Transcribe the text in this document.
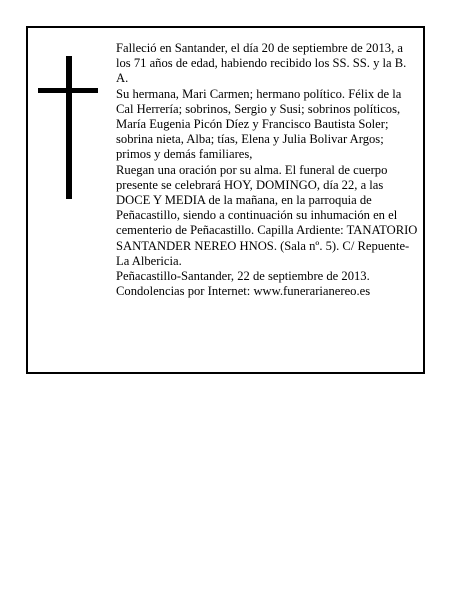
Falleció en Santander, el día 20 de septiembre de 2013, a los 71 años de edad, habiendo recibido los SS. SS. y la B. A.

Su hermana, Mari Carmen; hermano político. Félix de la Cal Herrería; sobrinos, Sergio y Susi; sobrinos políticos, María Eugenia Picón Díez y Francisco Bautista Soler; sobrina nieta, Alba; tías, Elena y Julia Bolivar Argos; primos y demás familiares,

Ruegan una oración por su alma. El funeral de cuerpo presente se celebrará HOY, DOMINGO, día 22, a las DOCE Y MEDIA de la mañana, en la parroquia de Peñacastillo, siendo a continuación su inhumación en el cementerio de Peñacastillo. Capilla Ardiente: TANATORIO SANTANDER NEREO HNOS. (Sala nº. 5). C/ Repuente-La Albericia.

Peñacastillo-Santander, 22 de septiembre de 2013.

Condolencias por Internet: www.funerarianereo.es
